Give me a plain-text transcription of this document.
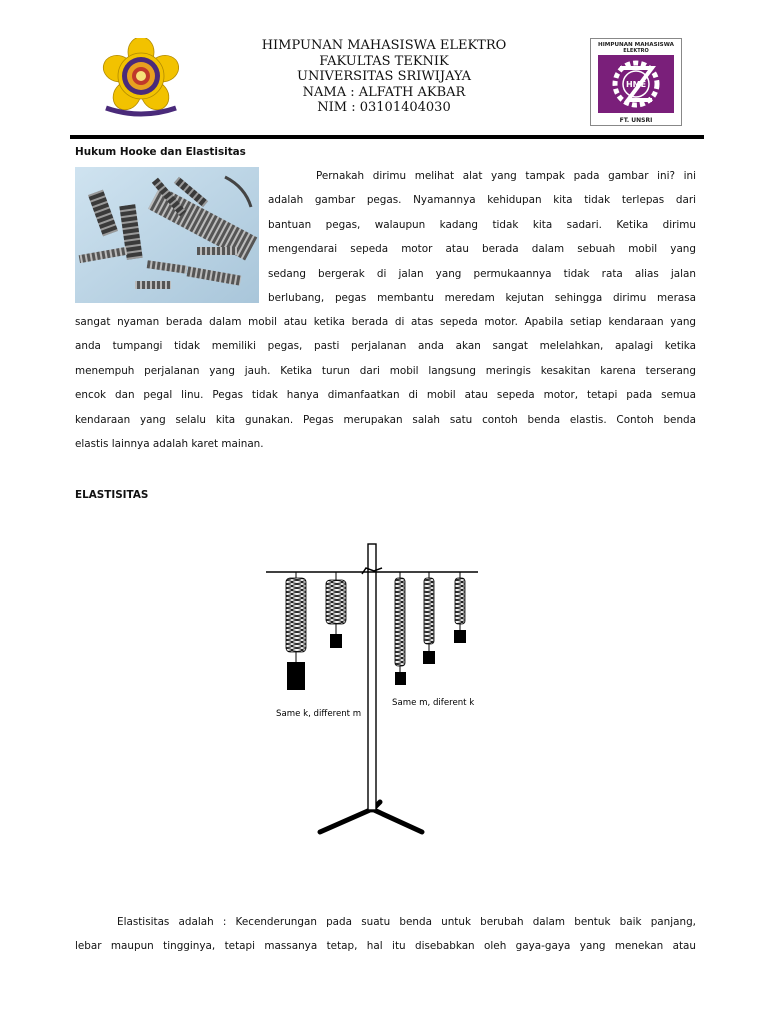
HIMPUNAN MAHASISWA ELEKTRO
FAKULTAS TEKNIK
UNIVERSITAS SRIWIJAYA
NAMA : ALFATH AKBAR
NIM : 03101404030
HIMPUNAN MAHASISWA
ELEKTRO
HME
FT. UNSRI
Hukum Hooke dan Elastisitas
Pernakah dirimu melihat alat yang tampak pada gambar ini? ini
adalah gambar pegas. Nyamannya kehidupan kita tidak terlepas dari
bantuan pegas, walaupun kadang tidak kita sadari. Ketika dirimu
mengendarai sepeda motor atau berada dalam sebuah mobil yang
sedang bergerak di jalan yang permukaannya tidak rata alias jalan
berlubang, pegas membantu meredam kejutan sehingga dirimu merasa
sangat nyaman berada dalam mobil atau ketika berada di atas sepeda motor. Apabila setiap kendaraan yang
anda tumpangi tidak memiliki pegas, pasti perjalanan anda akan sangat melelahkan, apalagi ketika
menempuh perjalanan yang jauh. Ketika turun dari mobil langsung meringis kesakitan karena terserang
encok dan pegal linu. Pegas tidak hanya dimanfaatkan di mobil atau sepeda motor, tetapi pada semua
kendaraan yang selalu kita gunakan. Pegas merupakan salah satu contoh benda elastis. Contoh benda
elastis lainnya adalah karet mainan.
ELASTISITAS
Same k, different m
Same m, diferent k
Elastisitas adalah : Kecenderungan pada suatu benda untuk berubah dalam bentuk baik panjang,
lebar maupun tingginya, tetapi massanya tetap, hal itu disebabkan oleh gaya-gaya yang menekan atau
